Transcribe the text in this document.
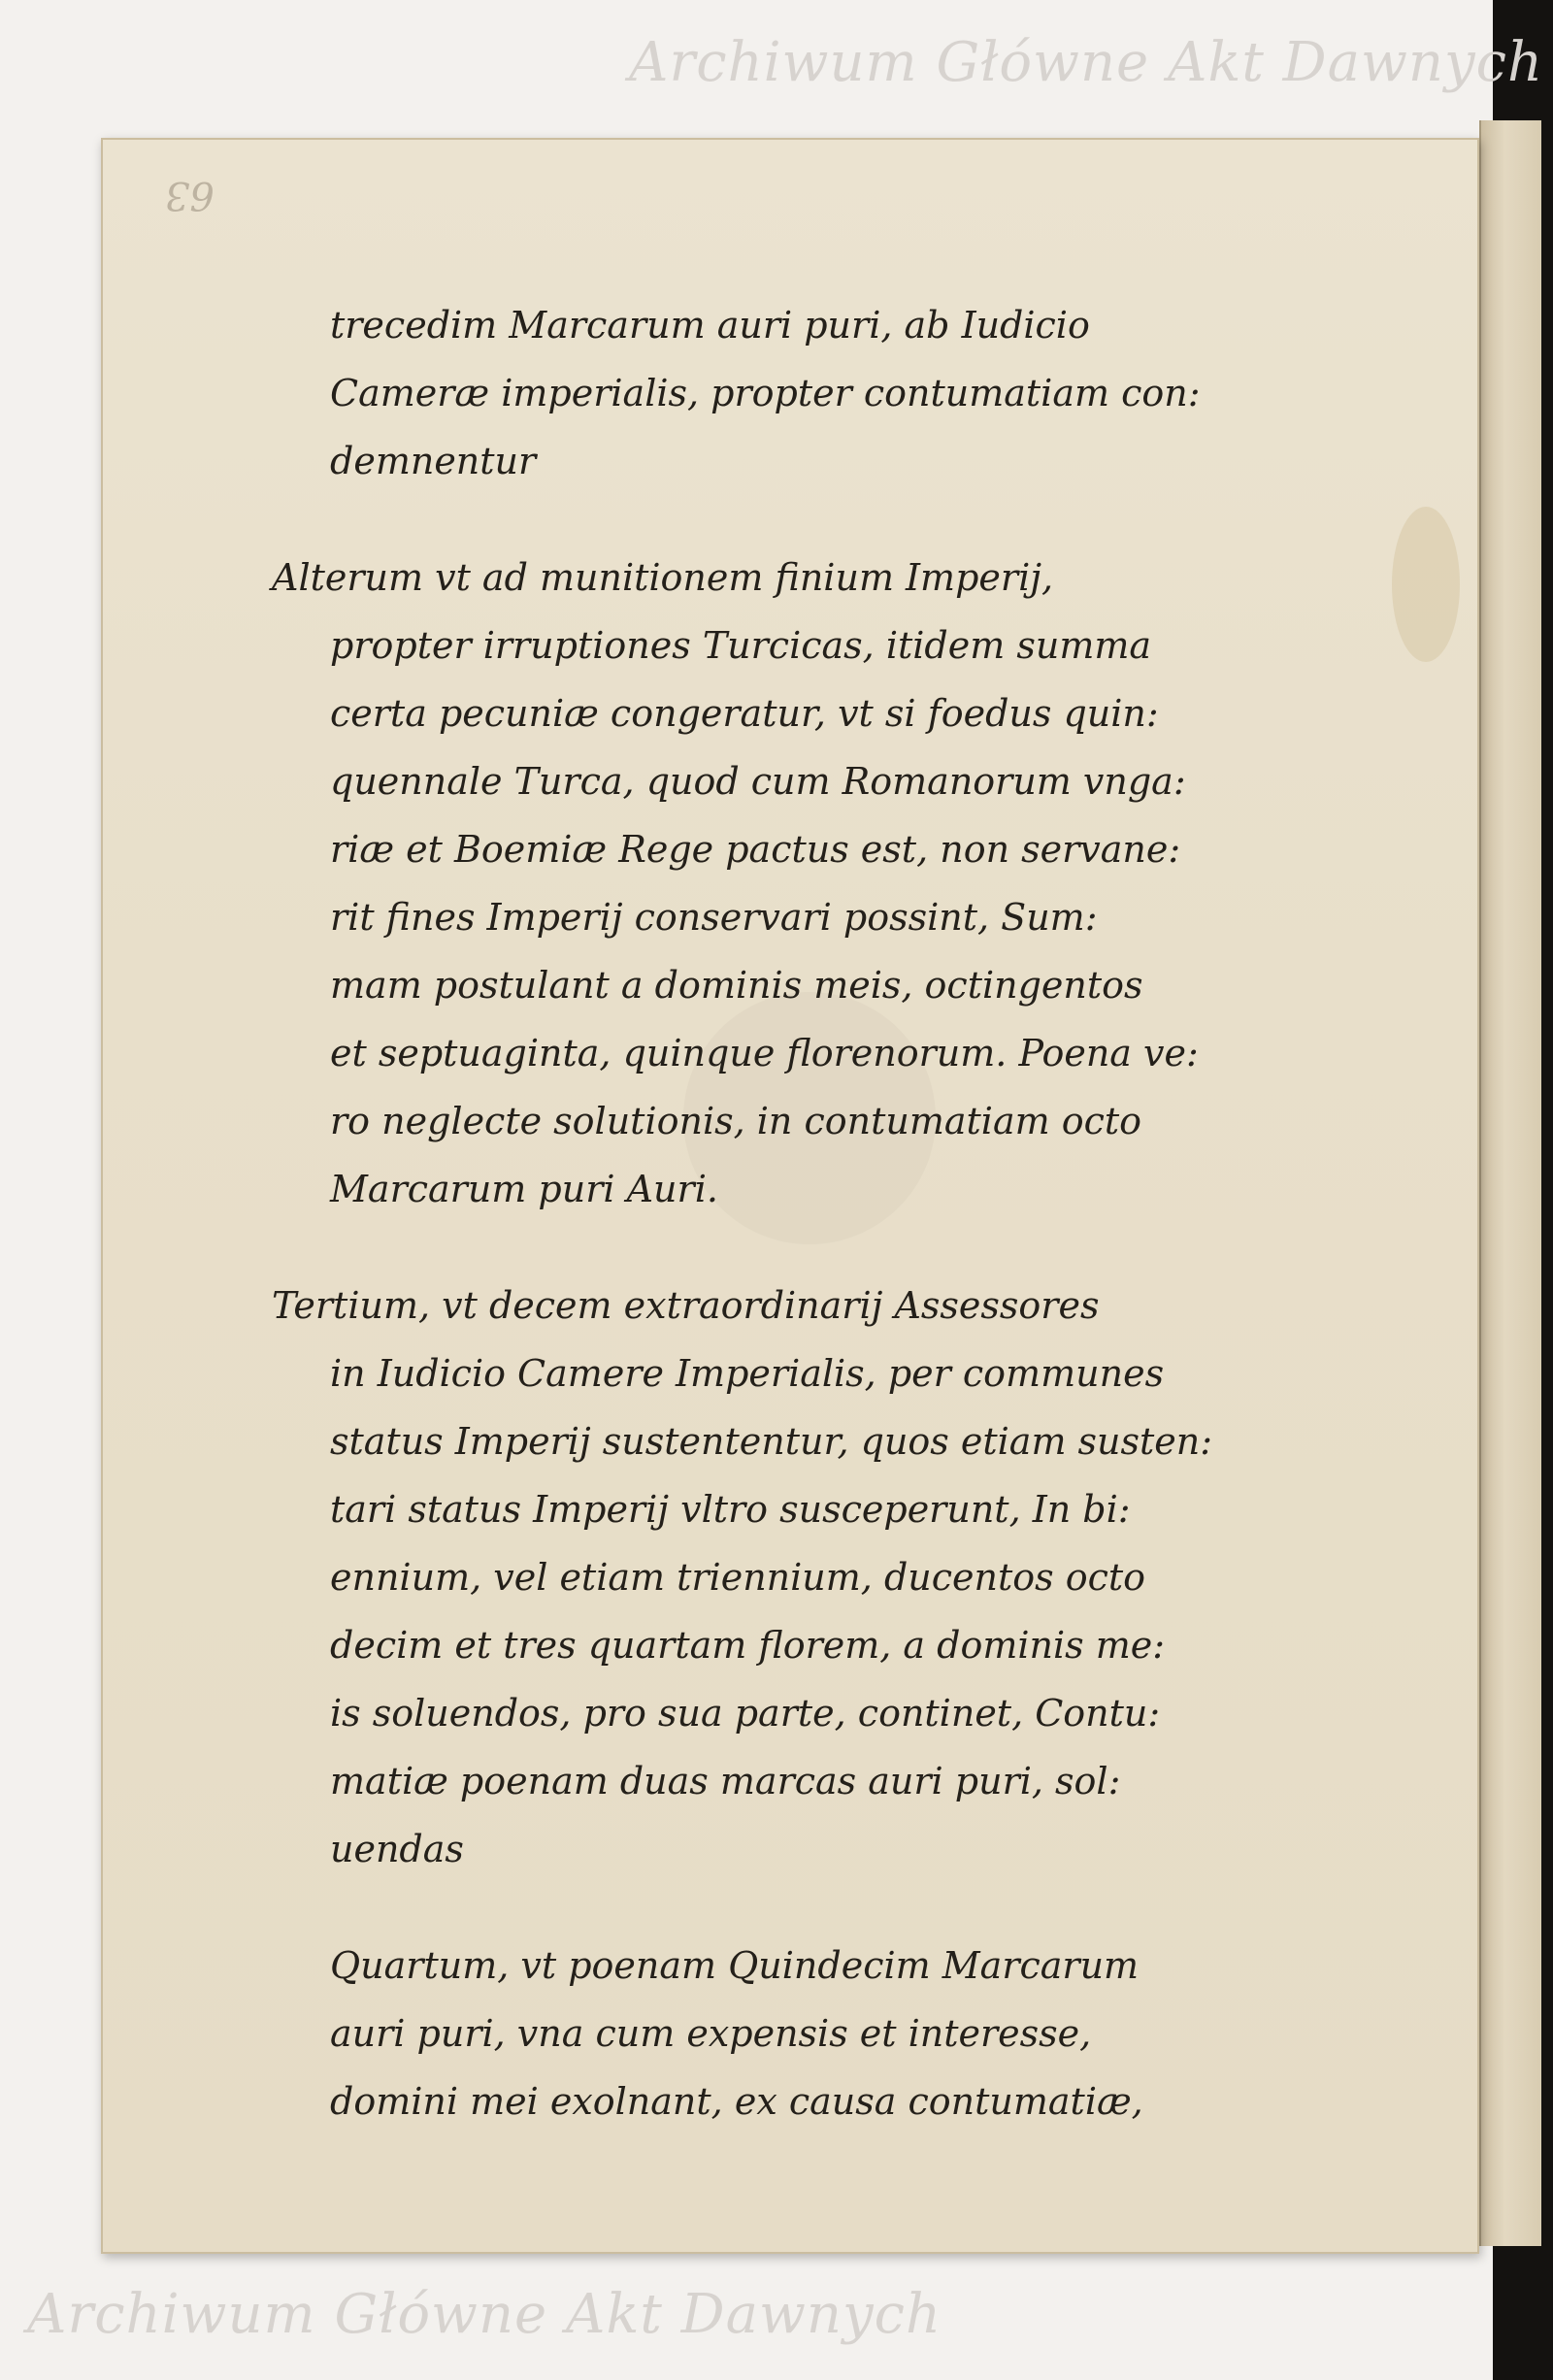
Archiwum Główne Akt Dawnych
63
trecedim Marcarum auri puri, ab Iudicio
Cameræ imperialis, propter contumatiam con:
demnentur
Alterum vt ad munitionem finium Imperij,
propter irruptiones Turcicas, itidem summa
certa pecuniæ congeratur, vt si foedus quin:
quennale Turca, quod cum Romanorum vnga:
riæ et Boemiæ Rege pactus est, non servane:
rit fines Imperij conservari possint, Sum:
mam postulant a dominis meis, octingentos
et septuaginta, quinque florenorum. Poena ve:
ro neglecte solutionis, in contumatiam octo
Marcarum puri Auri.
Tertium, vt decem extraordinarij Assessores
in Iudicio Camere Imperialis, per communes
status Imperij sustententur, quos etiam susten:
tari status Imperij vltro susceperunt, In bi:
ennium, vel etiam triennium, ducentos octo
decim et tres quartam florem, a dominis me:
is soluendos, pro sua parte, continet, Contu:
matiæ poenam duas marcas auri puri, sol:
uendas
Quartum, vt poenam Quindecim Marcarum
auri puri, vna cum expensis et interesse,
domini mei exolnant, ex causa contumatiæ,
Archiwum Główne Akt Dawnych
